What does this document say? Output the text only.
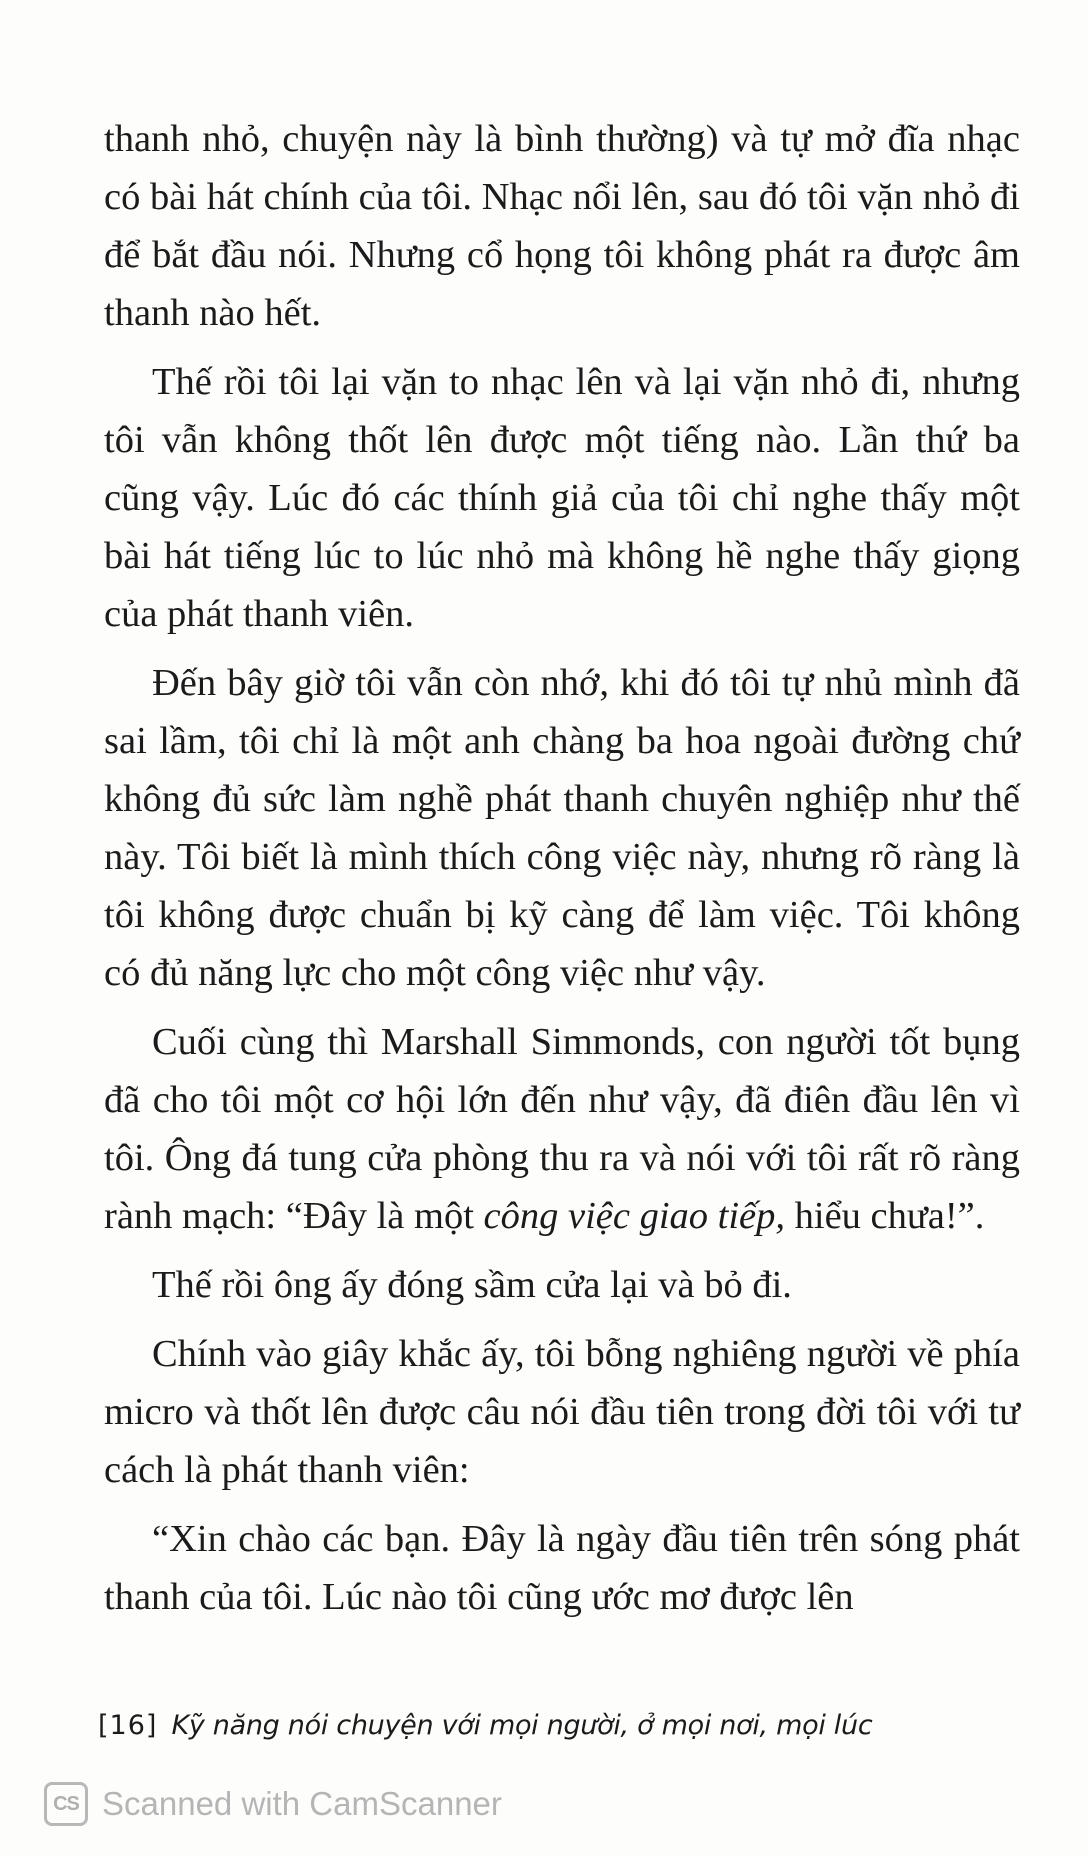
thanh nhỏ, chuyện này là bình thường) và tự mở đĩa nhạc có bài hát chính của tôi. Nhạc nổi lên, sau đó tôi vặn nhỏ đi để bắt đầu nói. Nhưng cổ họng tôi không phát ra được âm thanh nào hết.

Thế rồi tôi lại vặn to nhạc lên và lại vặn nhỏ đi, nhưng tôi vẫn không thốt lên được một tiếng nào. Lần thứ ba cũng vậy. Lúc đó các thính giả của tôi chỉ nghe thấy một bài hát tiếng lúc to lúc nhỏ mà không hề nghe thấy giọng của phát thanh viên.

Đến bây giờ tôi vẫn còn nhớ, khi đó tôi tự nhủ mình đã sai lầm, tôi chỉ là một anh chàng ba hoa ngoài đường chứ không đủ sức làm nghề phát thanh chuyên nghiệp như thế này. Tôi biết là mình thích công việc này, nhưng rõ ràng là tôi không được chuẩn bị kỹ càng để làm việc. Tôi không có đủ năng lực cho một công việc như vậy.

Cuối cùng thì Marshall Simmonds, con người tốt bụng đã cho tôi một cơ hội lớn đến như vậy, đã điên đầu lên vì tôi. Ông đá tung cửa phòng thu ra và nói với tôi rất rõ ràng rành mạch: “Đây là một công việc giao tiếp, hiểu chưa!”.

Thế rồi ông ấy đóng sầm cửa lại và bỏ đi.

Chính vào giây khắc ấy, tôi bỗng nghiêng người về phía micro và thốt lên được câu nói đầu tiên trong đời tôi với tư cách là phát thanh viên:

“Xin chào các bạn. Đây là ngày đầu tiên trên sóng phát thanh của tôi. Lúc nào tôi cũng ước mơ được lên

[16] Kỹ năng nói chuyện với mọi người, ở mọi nơi, mọi lúc
CS Scanned with CamScanner
